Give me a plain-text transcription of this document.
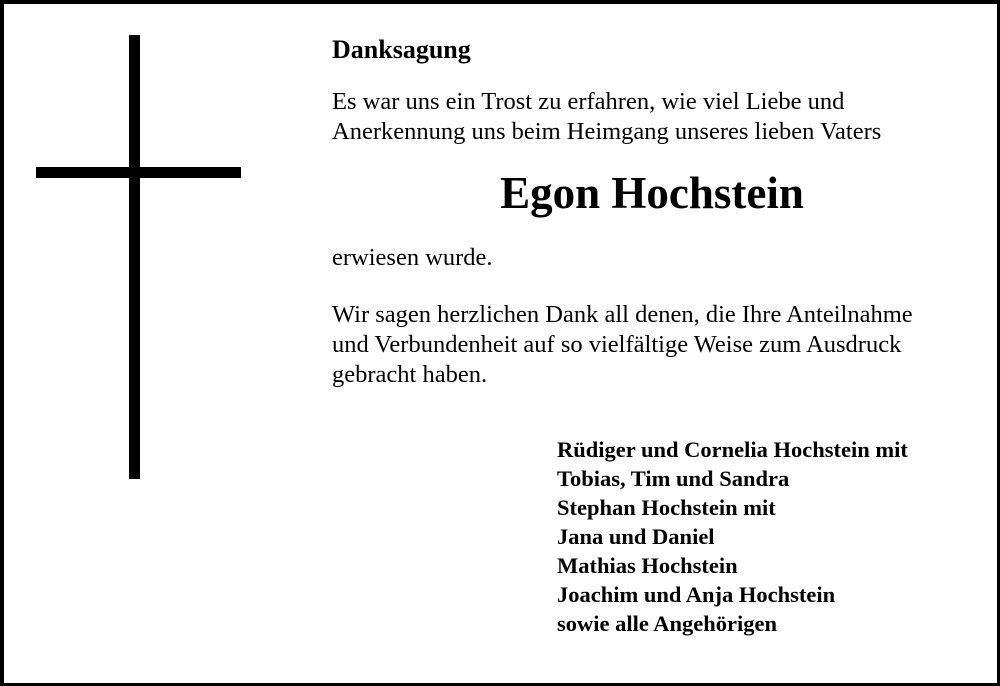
Danksagung
Es war uns ein Trost zu erfahren, wie viel Liebe und
Anerkennung uns beim Heimgang unseres lieben Vaters
Egon Hochstein
erwiesen wurde.
Wir sagen herzlichen Dank all denen, die Ihre Anteilnahme
und Verbundenheit auf so vielfältige Weise zum Ausdruck
gebracht haben.
Rüdiger und Cornelia Hochstein mit
Tobias, Tim und Sandra
Stephan Hochstein mit
Jana und Daniel
Mathias Hochstein
Joachim und Anja Hochstein
sowie alle Angehörigen
